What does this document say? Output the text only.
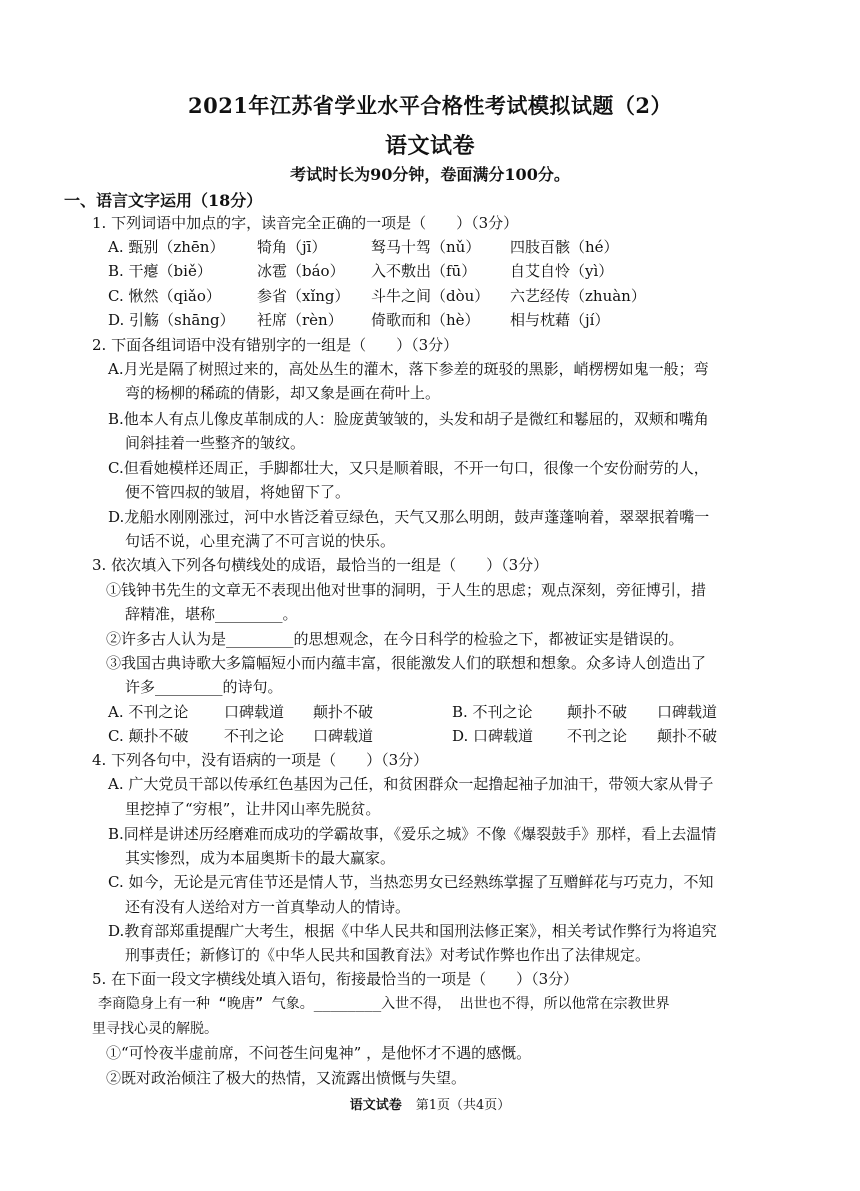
2021年江苏省学业水平合格性考试模拟试题（2）
语文试卷
考试时长为90分钟，卷面满分100分。
一、语言文字运用（18分）
1. 下列词语中加点的字，读音完全正确的一项是（　　）（3分）
A. 甄别（zhēn） 犄角（jī）	驽马十驾（nǔ） 四肢百骸（hé）
B. 干瘪（biě）	冰雹（báo） 入不敷出（fū） 自艾自怜（yì）
C. 愀然（qiǎo） 参省（xǐng） 斗牛之间（dòu） 六艺经传（zhuàn）
D. 引觞（shāng） 衽席（rèn） 倚歌而和（hè） 相与枕藉（jí）
2. 下面各组词语中没有错别字的一组是（　　）（3分）
A.月光是隔了树照过来的，高处丛生的灌木，落下参差的斑驳的黑影，峭楞楞如鬼一般；弯
弯的杨柳的稀疏的倩影，却又象是画在荷叶上。
B.他本人有点儿像皮革制成的人：脸庞黄皱皱的，头发和胡子是微红和鬈屈的，双颊和嘴角
间斜挂着一些整齐的皱纹。
C.但看她模样还周正，手脚都壮大，又只是顺着眼，不开一句口，很像一个安份耐劳的人，
便不管四叔的皱眉，将她留下了。
D.龙船水刚刚涨过，河中水皆泛着豆绿色，天气又那么明朗，鼓声蓬蓬响着，翠翠抿着嘴一
句话不说，心里充满了不可言说的快乐。
3. 依次填入下列各句横线处的成语，最恰当的一组是（　　）（3分）
①钱钟书先生的文章无不表现出他对世事的洞明，于人生的思虑；观点深刻，旁征博引，措
辞精准，堪称_________。
②许多古人认为是_________的思想观念，在今日科学的检验之下，都被证实是错误的。
③我国古典诗歌大多篇幅短小而内蕴丰富，很能激发人们的联想和想象。众多诗人创造出了
许多_________的诗句。
A. 不刊之论 口碑载道 颠扑不破	B. 不刊之论 颠扑不破 口碑载道
C. 颠扑不破 不刊之论 口碑载道	D. 口碑载道 不刊之论 颠扑不破
4. 下列各句中，没有语病的一项是（　　）（3分）
A. 广大党员干部以传承红色基因为己任，和贫困群众一起撸起袖子加油干，带领大家从骨子
里挖掉了“穷根”，让井冈山率先脱贫。
B.同样是讲述历经磨难而成功的学霸故事，《爱乐之城》不像《爆裂鼓手》那样，看上去温情
其实惨烈，成为本届奥斯卡的最大赢家。
C. 如今，无论是元宵佳节还是情人节，当热恋男女已经熟练掌握了互赠鲜花与巧克力，不知
还有没有人送给对方一首真挚动人的情诗。
D.教育部郑重提醒广大考生，根据《中华人民共和国刑法修正案》，相关考试作弊行为将追究
刑事责任；新修订的《中华人民共和国教育法》对考试作弊也作出了法律规定。
5. 在下面一段文字横线处填入语句，衔接最恰当的一项是（　　）（3分）
李商隐身上有一种 “晚唐” 气象。________入世不得， 出世也不得，所以他常在宗教世界
里寻找心灵的解脱。
①“可怜夜半虚前席，不问苍生问鬼神” ，是他怀才不遇的感慨。
②既对政治倾注了极大的热情，又流露出愤慨与失望。
语文试卷 第1页（共4页）
